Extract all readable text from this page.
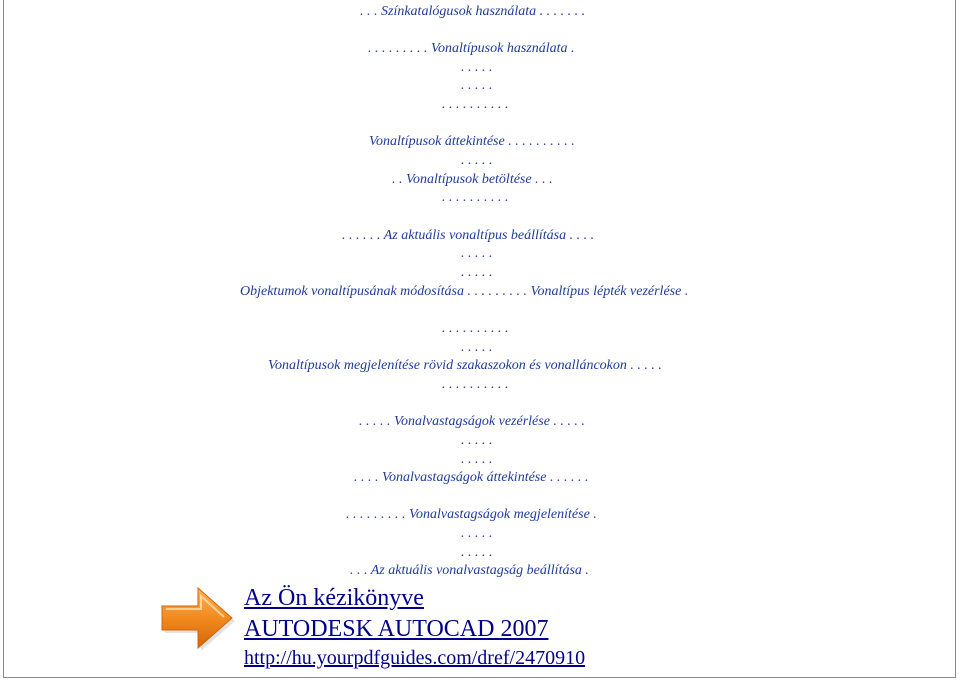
. . . Színkatalógusok használata . . . . . . .
. . . . . . . . . Vonaltípusok használata .
. . . . .
. . . . .
. . . . . . . . . .
Vonaltípusok áttekintése . . . . . . . . . .
. . . . .
. . Vonaltípusok betöltése . . .
. . . . . . . . . .
. . . . . . Az aktuális vonaltípus beállítása . . . .
. . . . .
. . . . .
Objektumok vonaltípusának módosítása . . . . . . . . . Vonaltípus lépték vezérlése .
. . . . . . . . . .
. . . . .
Vonaltípusok megjelenítése rövid szakaszokon és vonalláncokon . . . . .
. . . . . . . . . .
. . . . . Vonalvastagságok vezérlése . . . . .
. . . . .
. . . . .
. . . . Vonalvastagságok áttekintése . . . . . .
. . . . . . . . . Vonalvastagságok megjelenítése .
. . . . .
. . . . .
. . . Az aktuális vonalvastagság beállítása .
Az Ön kézikönyve
AUTODESK AUTOCAD 2007
http://hu.yourpdfguides.com/dref/2470910
